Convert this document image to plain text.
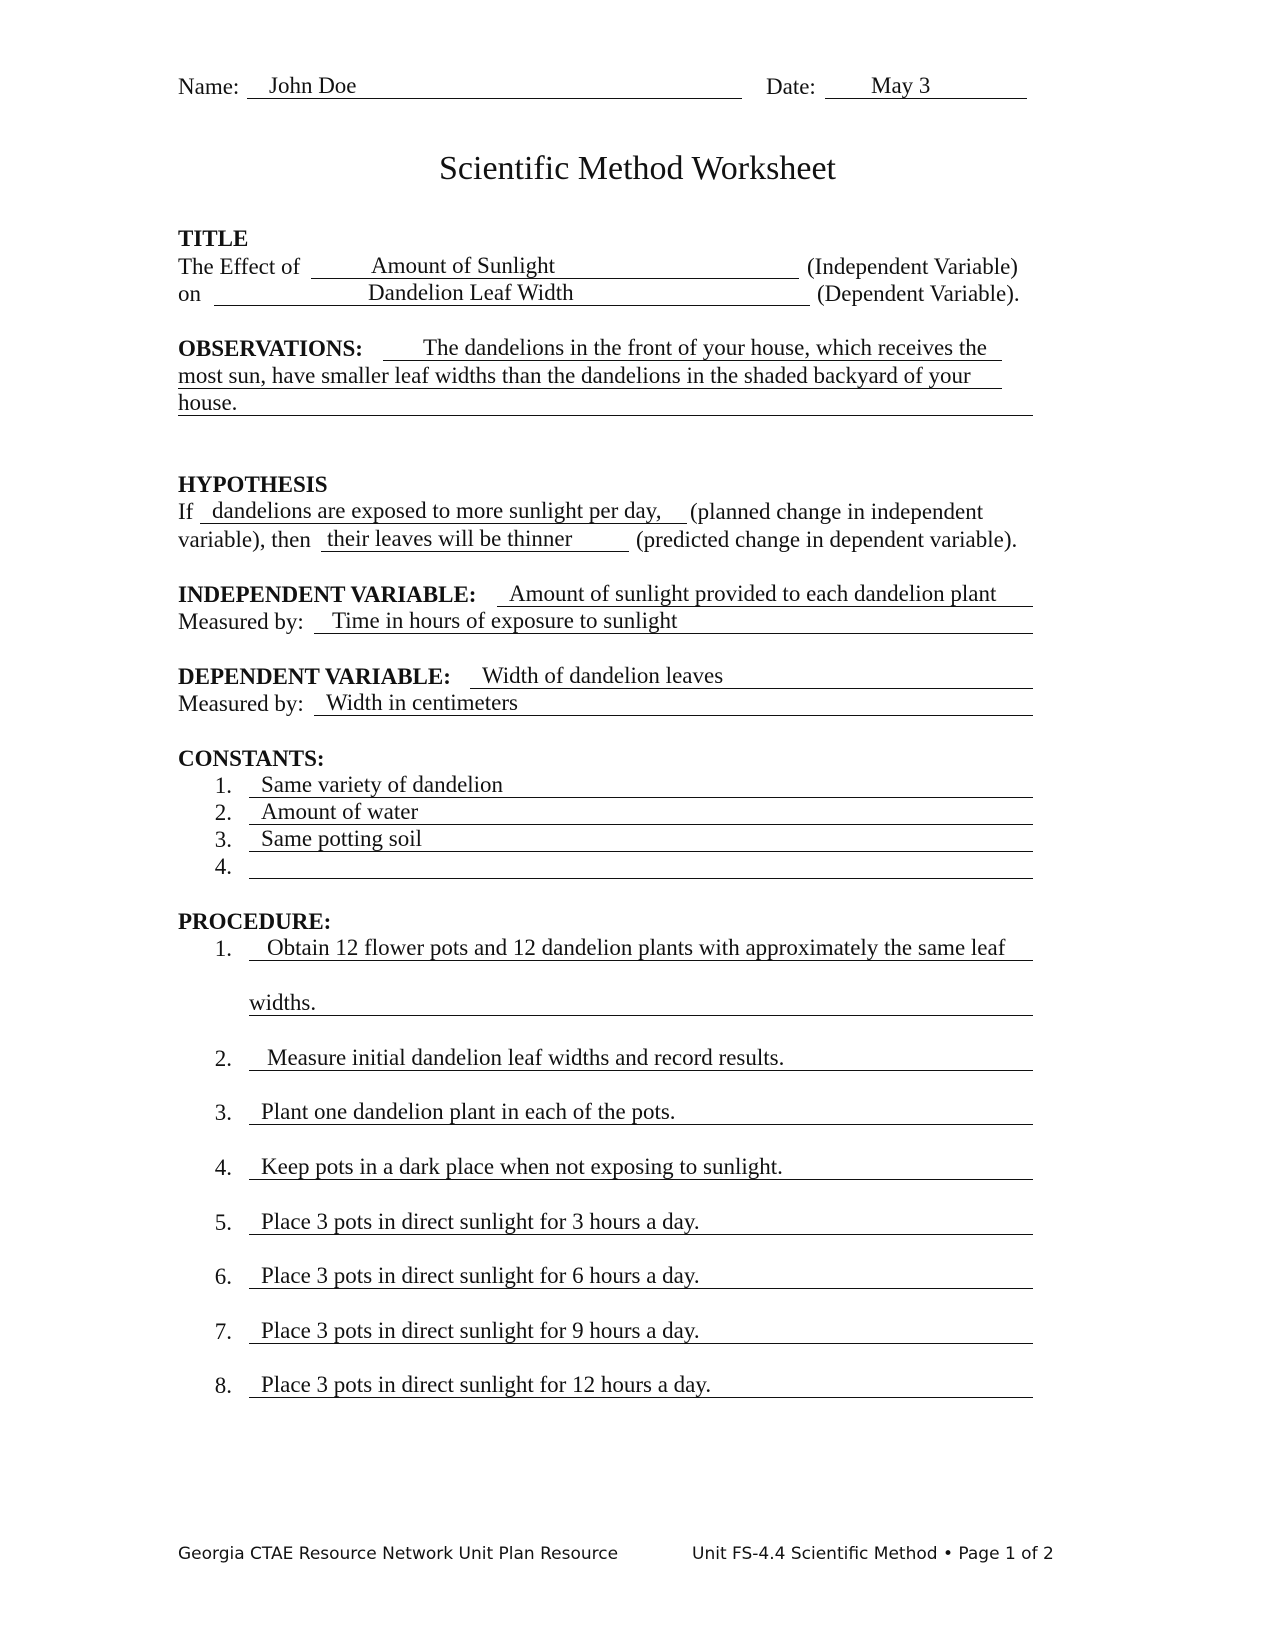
Name:	John Doe	Date:	May 3
Scientific Method Worksheet
TITLE
The Effect of	Amount of Sunlight	(Independent Variable)
on	Dandelion Leaf Width	(Dependent Variable).
OBSERVATIONS:	The dandelions in the front of your house, which receives the
most sun, have smaller leaf widths than the dandelions in the shaded backyard of your
house.
HYPOTHESIS
If dandelions are exposed to more sunlight per day,	(planned change in independent
variable), then their leaves will be thinner	(predicted change in dependent variable).
INDEPENDENT VARIABLE:	Amount of sunlight provided to each dandelion plant
Measured by:	Time in hours of exposure to sunlight
DEPENDENT VARIABLE:	Width of dandelion leaves
Measured by: Width in centimeters
CONSTANTS:
1.	Same variety of dandelion
2.	Amount of water
3.	Same potting soil
4.
PROCEDURE:
1.	Obtain 12 flower pots and 12 dandelion plants with approximately the same leaf
widths.
2.	Measure initial dandelion leaf widths and record results.
3.	Plant one dandelion plant in each of the pots.
4.	Keep pots in a dark place when not exposing to sunlight.
5.	Place 3 pots in direct sunlight for 3 hours a day.
6.	Place 3 pots in direct sunlight for 6 hours a day.
7.	Place 3 pots in direct sunlight for 9 hours a day.
8.	Place 3 pots in direct sunlight for 12 hours a day.
Georgia CTAE Resource Network Unit Plan Resource	Unit FS-4.4 Scientific Method • Page 1 of 2
